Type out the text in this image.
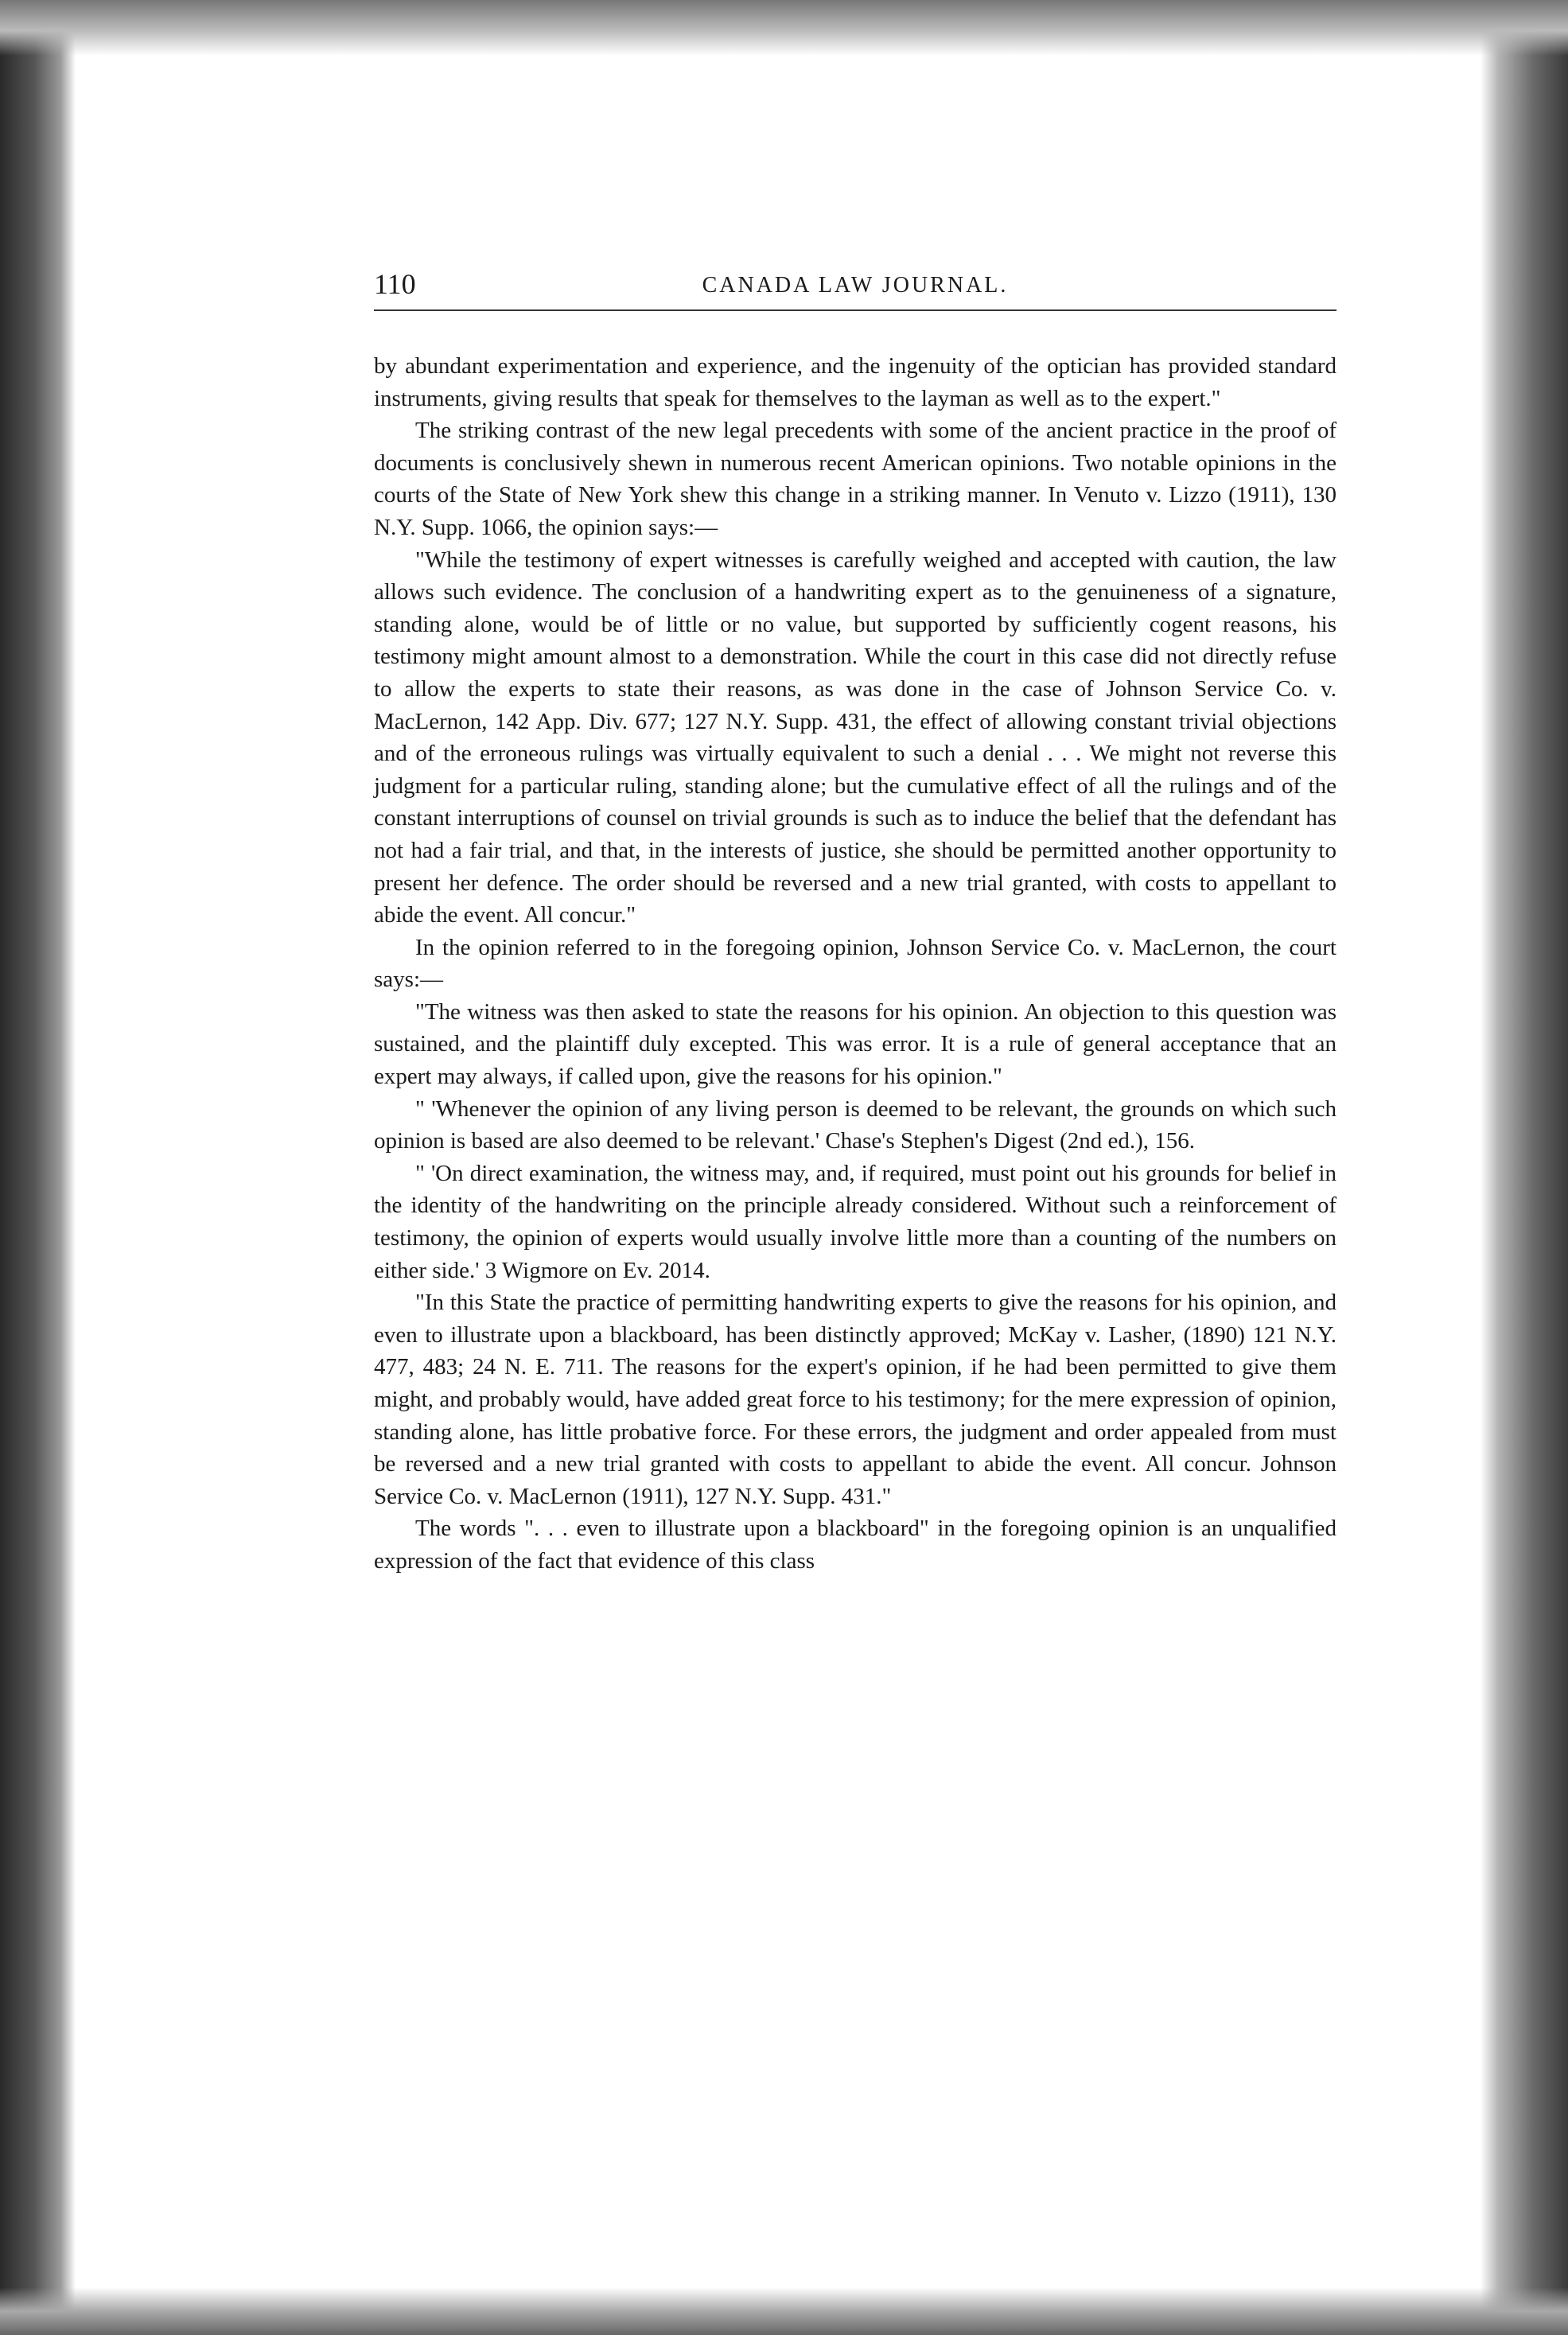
110	CANADA LAW JOURNAL.

by abundant experimentation and experience, and the ingenuity of the optician has provided standard instruments, giving results that speak for themselves to the layman as well as to the expert."

The striking contrast of the new legal precedents with some of the ancient practice in the proof of documents is conclusively shewn in numerous recent American opinions. Two notable opinions in the courts of the State of New York shew this change in a striking manner. In Venuto v. Lizzo (1911), 130 N.Y. Supp. 1066, the opinion says:—

"While the testimony of expert witnesses is carefully weighed and accepted with caution, the law allows such evidence. The conclusion of a handwriting expert as to the genuineness of a signature, standing alone, would be of little or no value, but supported by sufficiently cogent reasons, his testimony might amount almost to a demonstration. While the court in this case did not directly refuse to allow the experts to state their reasons, as was done in the case of Johnson Service Co. v. MacLernon, 142 App. Div. 677; 127 N.Y. Supp. 431, the effect of allowing constant trivial objections and of the erroneous rulings was virtually equivalent to such a denial . . . We might not reverse this judgment for a particular ruling, standing alone; but the cumulative effect of all the rulings and of the constant interruptions of counsel on trivial grounds is such as to induce the belief that the defendant has not had a fair trial, and that, in the interests of justice, she should be permitted another opportunity to present her defence. The order should be reversed and a new trial granted, with costs to appellant to abide the event. All concur."

In the opinion referred to in the foregoing opinion, Johnson Service Co. v. MacLernon, the court says:—

"The witness was then asked to state the reasons for his opinion. An objection to this question was sustained, and the plaintiff duly excepted. This was error. It is a rule of general acceptance that an expert may always, if called upon, give the reasons for his opinion."

" 'Whenever the opinion of any living person is deemed to be relevant, the grounds on which such opinion is based are also deemed to be relevant.' Chase's Stephen's Digest (2nd ed.), 156.

" 'On direct examination, the witness may, and, if required, must point out his grounds for belief in the identity of the handwriting on the principle already considered. Without such a reinforcement of testimony, the opinion of experts would usually involve little more than a counting of the numbers on either side.' 3 Wigmore on Ev. 2014.

"In this State the practice of permitting handwriting experts to give the reasons for his opinion, and even to illustrate upon a blackboard, has been distinctly approved; McKay v. Lasher, (1890) 121 N.Y. 477, 483; 24 N. E. 711. The reasons for the expert's opinion, if he had been permitted to give them might, and probably would, have added great force to his testimony; for the mere expression of opinion, standing alone, has little probative force. For these errors, the judgment and order appealed from must be reversed and a new trial granted with costs to appellant to abide the event. All concur. Johnson Service Co. v. MacLernon (1911), 127 N.Y. Supp. 431."

The words ". . . even to illustrate upon a blackboard" in the foregoing opinion is an unqualified expression of the fact that evidence of this class
